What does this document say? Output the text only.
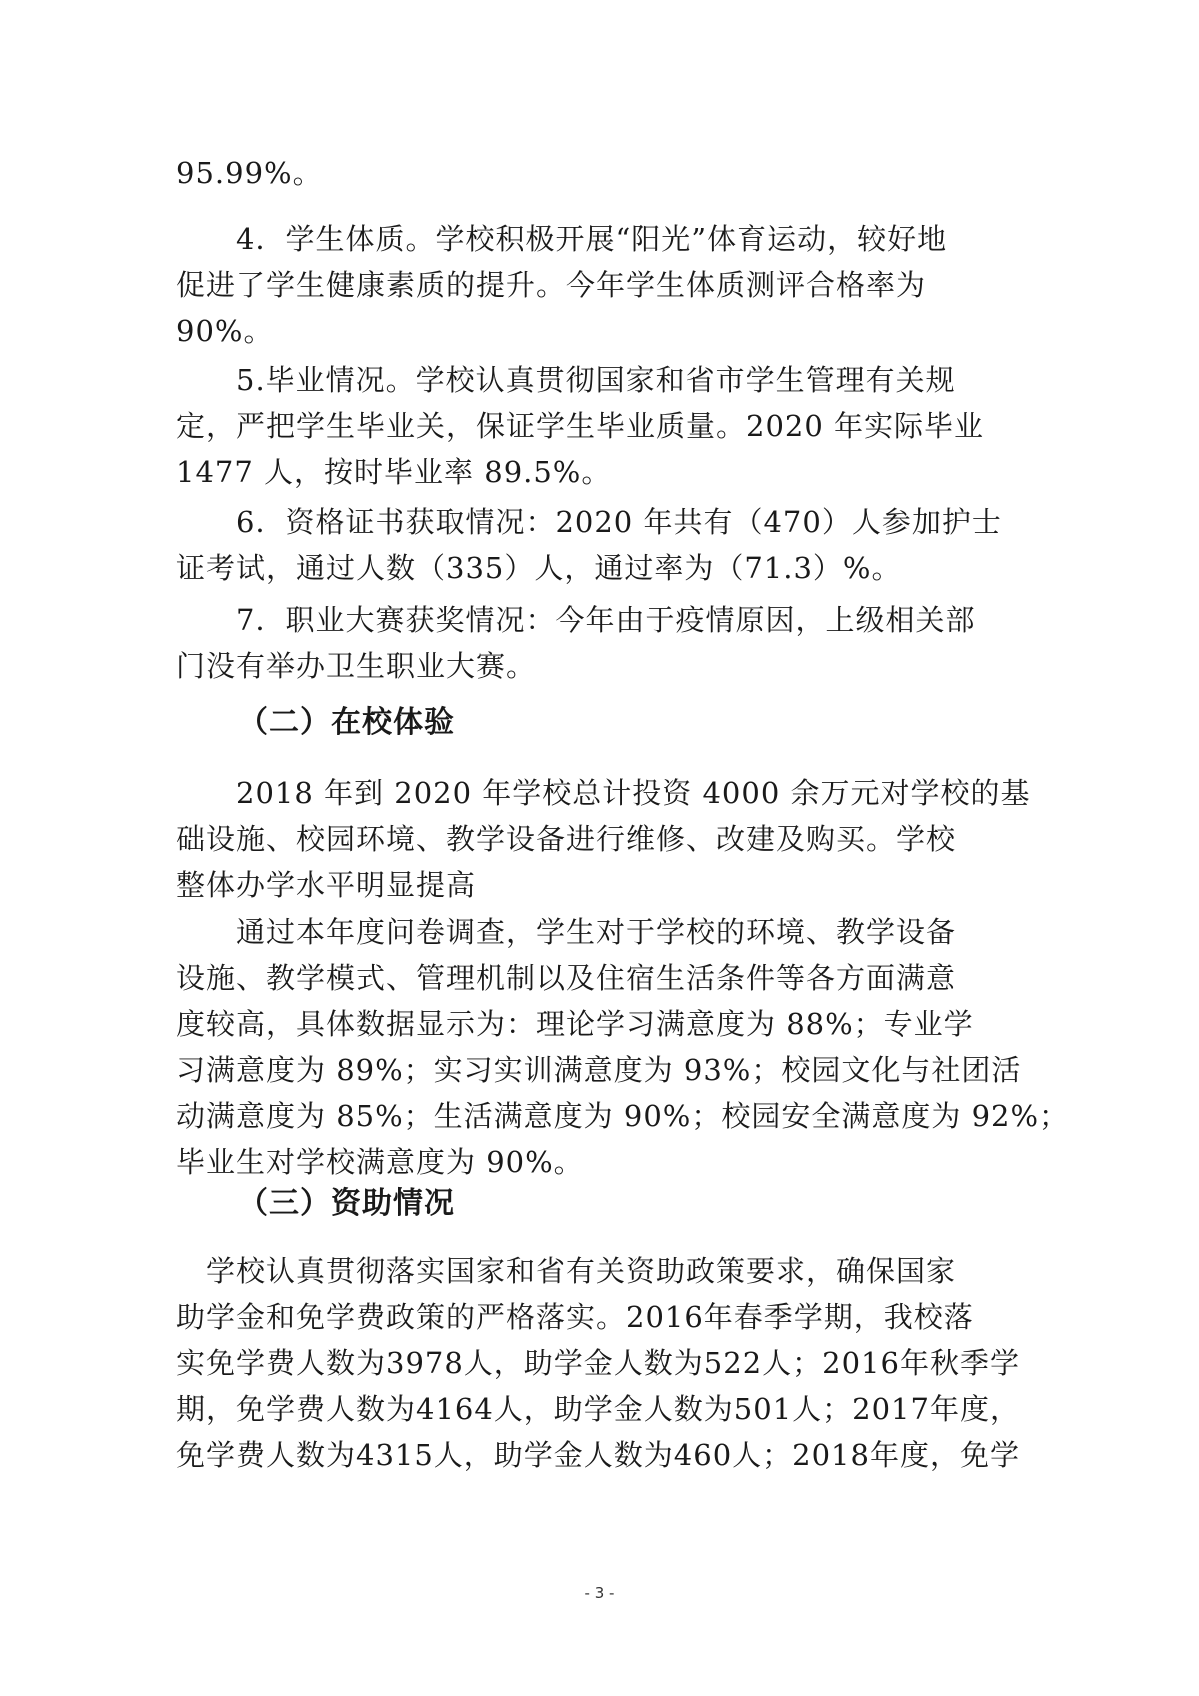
95.99%。

　　4．学生体质。学校积极开展“阳光”体育运动，较好地
促进了学生健康素质的提升。今年学生体质测评合格率为
90%。

　　5.毕业情况。学校认真贯彻国家和省市学生管理有关规
定，严把学生毕业关，保证学生毕业质量。2020 年实际毕业
1477 人，按时毕业率 89.5%。

　　6．资格证书获取情况：2020 年共有（470）人参加护士
证考试，通过人数（335）人，通过率为（71.3）%。

　　7．职业大赛获奖情况：今年由于疫情原因，上级相关部
门没有举办卫生职业大赛。

（二）在校体验

　　2018 年到 2020 年学校总计投资 4000 余万元对学校的基
础设施、校园环境、教学设备进行维修、改建及购买。学校
整体办学水平明显提高

　　通过本年度问卷调查，学生对于学校的环境、教学设备
设施、教学模式、管理机制以及住宿生活条件等各方面满意
度较高，具体数据显示为：理论学习满意度为 88%；专业学
习满意度为 89%；实习实训满意度为 93%；校园文化与社团活
动满意度为 85%；生活满意度为 90%；校园安全满意度为 92%；
毕业生对学校满意度为 90%。

（三）资助情况

　学校认真贯彻落实国家和省有关资助政策要求，确保国家
助学金和免学费政策的严格落实。2016年春季学期，我校落
实免学费人数为3978人，助学金人数为522人；2016年秋季学
期，免学费人数为4164人，助学金人数为501人；2017年度，
免学费人数为4315人，助学金人数为460人；2018年度，免学

- 3 -
